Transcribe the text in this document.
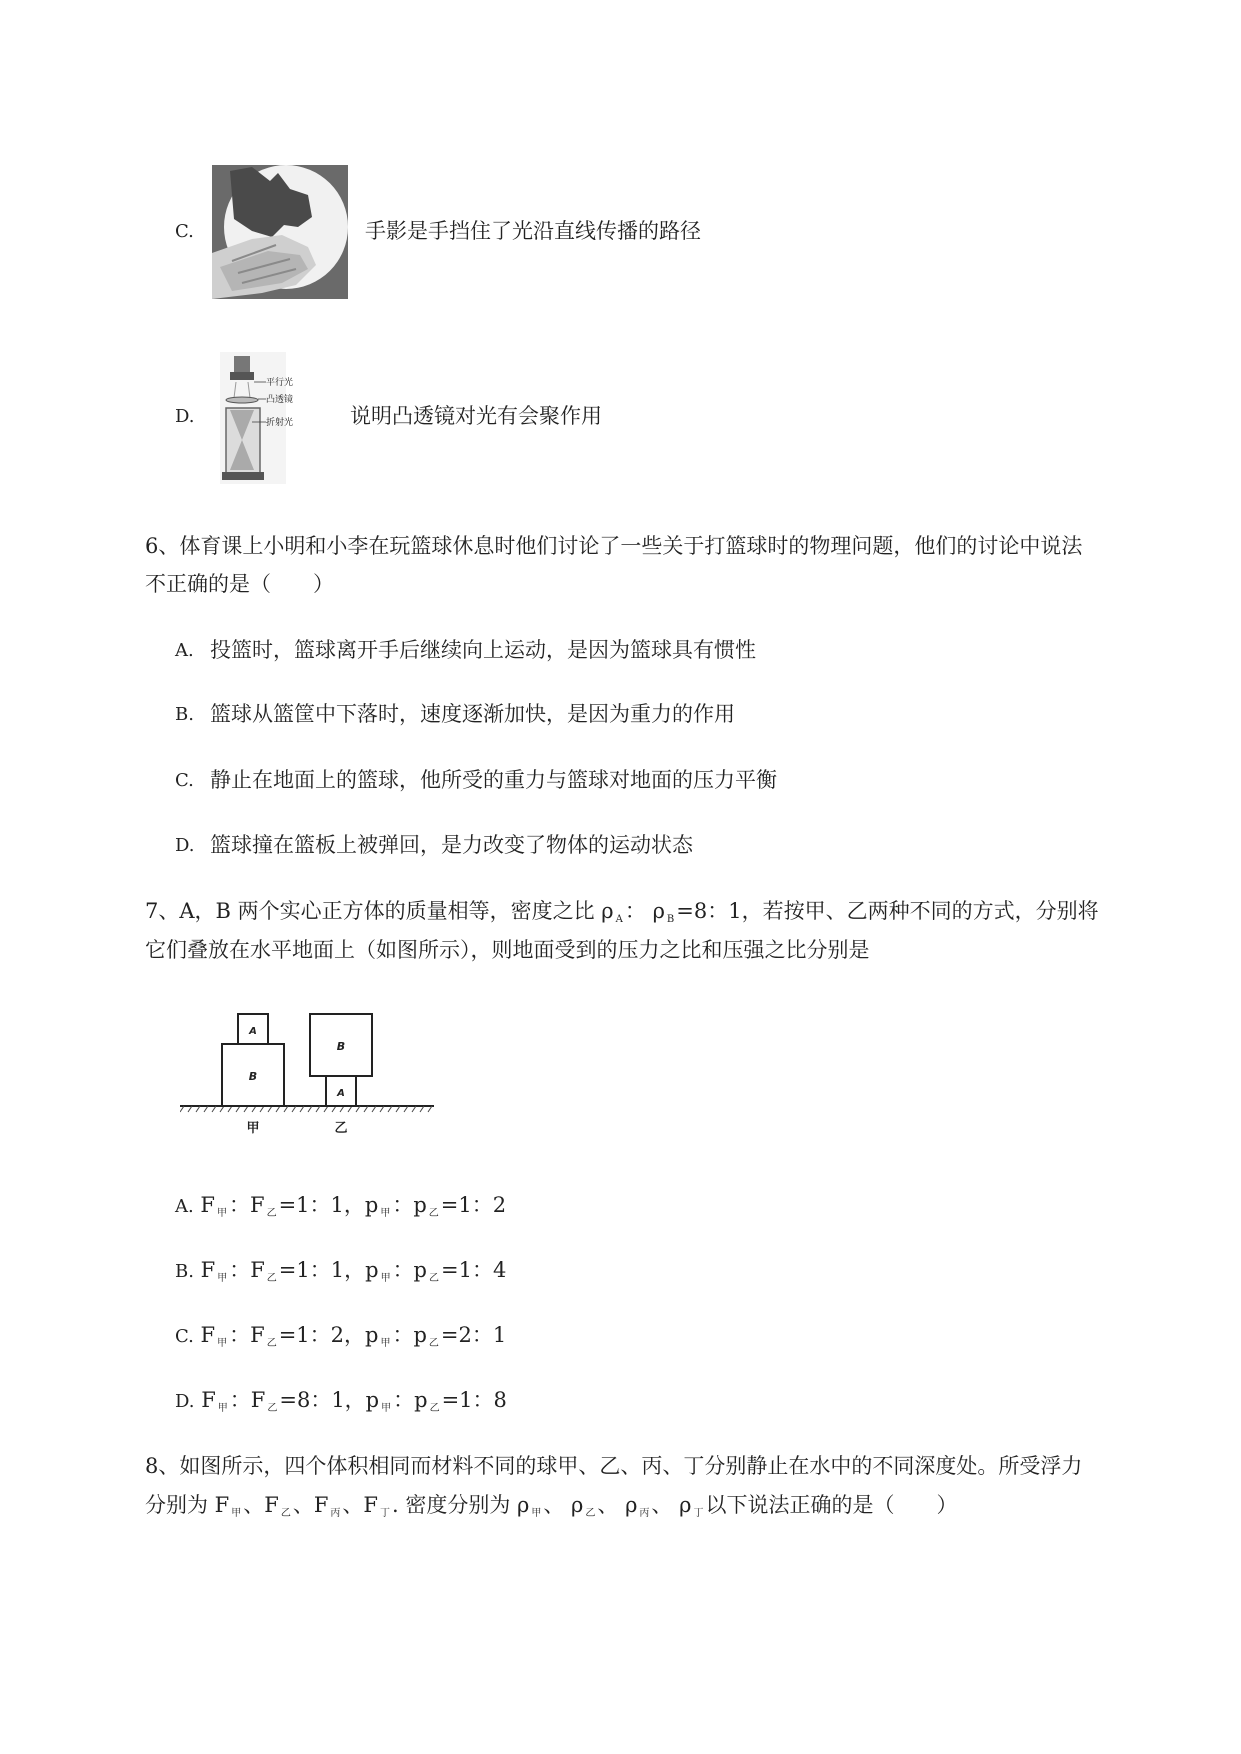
C.	手影是手挡住了光沿直线传播的路径
D.
平行光
凸透镜
折射光	说明凸透镜对光有会聚作用
6、体育课上小明和小李在玩篮球休息时他们讨论了一些关于打篮球时的物理问题，他们的讨论中说法
不正确的是（　　）
A. 投篮时，篮球离开手后继续向上运动，是因为篮球具有惯性
B. 篮球从篮筐中下落时，速度逐渐加快，是因为重力的作用
C. 静止在地面上的篮球，他所受的重力与篮球对地面的压力平衡
D. 篮球撞在篮板上被弹回，是力改变了物体的运动状态
7、A，B 两个实心正方体的质量相等，密度之比 ρ $_A$： ρ $_B$=8：1，若按甲、乙两种不同的方式，分别将
它们叠放在水平地面上（如图所示），则地面受到的压力之比和压强之比分别是
B
A
A
B
甲	乙
A. F $_甲$：F $_乙$=1：1，p $_甲$：p $_乙$=1：2
B. F $_甲$：F $_乙$=1：1，p $_甲$：p $_乙$=1：4
C. F $_甲$：F $_乙$=1：2，p $_甲$：p $_乙$=2：1
D. F $_甲$：F $_乙$=8：1，p $_甲$：p $_乙$=1：8
8、如图所示，四个体积相同而材料不同的球甲、乙、丙、丁分别静止在水中的不同深度处。所受浮力
分别为 F $_甲$、F $_乙$、F $_丙$、F $_丁$. 密度分别为 ρ $_甲$、 ρ $_乙$、 ρ $_丙$、 ρ $_丁$以下说法正确的是（　　）
